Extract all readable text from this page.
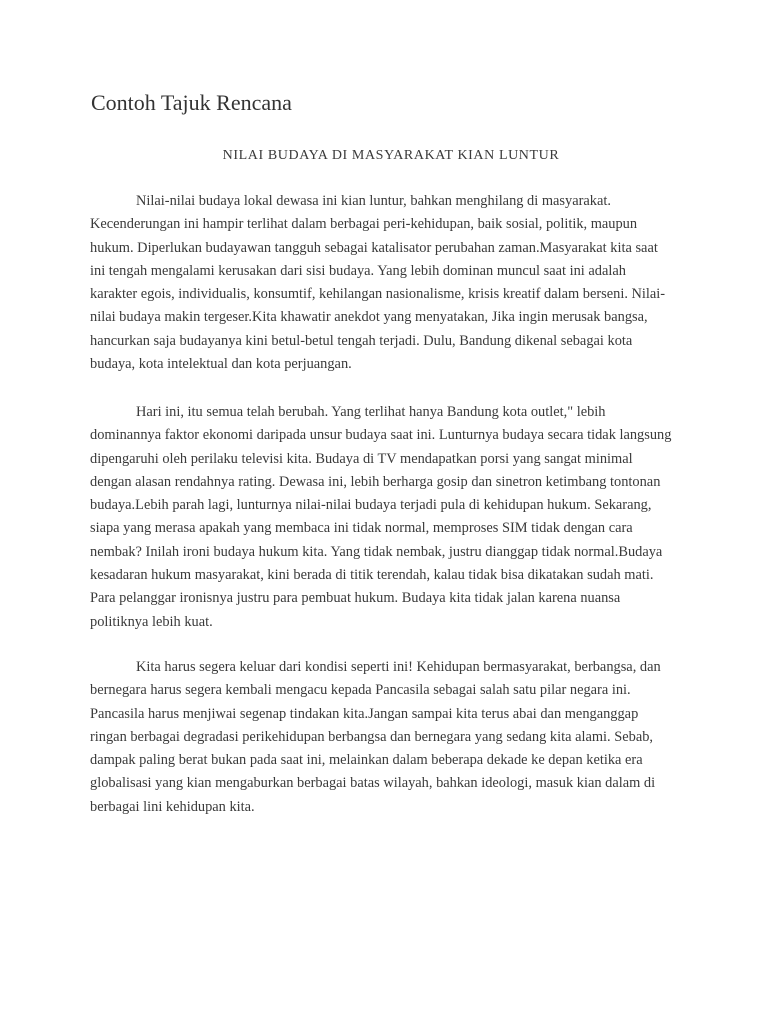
Contoh Tajuk Rencana
NILAI BUDAYA DI MASYARAKAT KIAN LUNTUR

Nilai-nilai budaya lokal dewasa ini kian luntur, bahkan menghilang di masyarakat. Kecenderungan ini hampir terlihat dalam berbagai peri-kehidupan, baik sosial, politik, maupun hukum. Diperlukan budayawan tangguh sebagai katalisator perubahan zaman.Masyarakat kita saat ini tengah mengalami kerusakan dari sisi budaya. Yang lebih dominan muncul saat ini adalah karakter egois, individualis, konsumtif, kehilangan nasionalisme, krisis kreatif dalam berseni. Nilai-nilai budaya makin tergeser.Kita khawatir anekdot yang menyatakan, Jika ingin merusak bangsa, hancurkan saja budayanya kini betul-betul tengah terjadi. Dulu, Bandung dikenal sebagai kota budaya, kota intelektual dan kota perjuangan.

Hari ini, itu semua telah berubah. Yang terlihat hanya Bandung kota outlet," lebih dominannya faktor ekonomi daripada unsur budaya saat ini. Lunturnya budaya secara tidak langsung dipengaruhi oleh perilaku televisi kita. Budaya di TV mendapatkan porsi yang sangat minimal dengan alasan rendahnya rating. Dewasa ini, lebih berharga gosip dan sinetron ketimbang tontonan budaya.Lebih parah lagi, lunturnya nilai-nilai budaya terjadi pula di kehidupan hukum. Sekarang, siapa yang merasa apakah yang membaca ini tidak normal, memproses SIM tidak dengan cara nembak? Inilah ironi budaya hukum kita. Yang tidak nembak, justru dianggap tidak normal.Budaya kesadaran hukum masyarakat, kini berada di titik terendah, kalau tidak bisa dikatakan sudah mati. Para pelanggar ironisnya justru para pembuat hukum. Budaya kita tidak jalan karena nuansa politiknya lebih kuat.

Kita harus segera keluar dari kondisi seperti ini! Kehidupan bermasyarakat, berbangsa, dan bernegara harus segera kembali mengacu kepada Pancasila sebagai salah satu pilar negara ini. Pancasila harus menjiwai segenap tindakan kita.Jangan sampai kita terus abai dan menganggap ringan berbagai degradasi perikehidupan berbangsa dan bernegara yang sedang kita alami. Sebab, dampak paling berat bukan pada saat ini, melainkan dalam beberapa dekade ke depan ketika era globalisasi yang kian mengaburkan berbagai batas wilayah, bahkan ideologi, masuk kian dalam di berbagai lini kehidupan kita.
